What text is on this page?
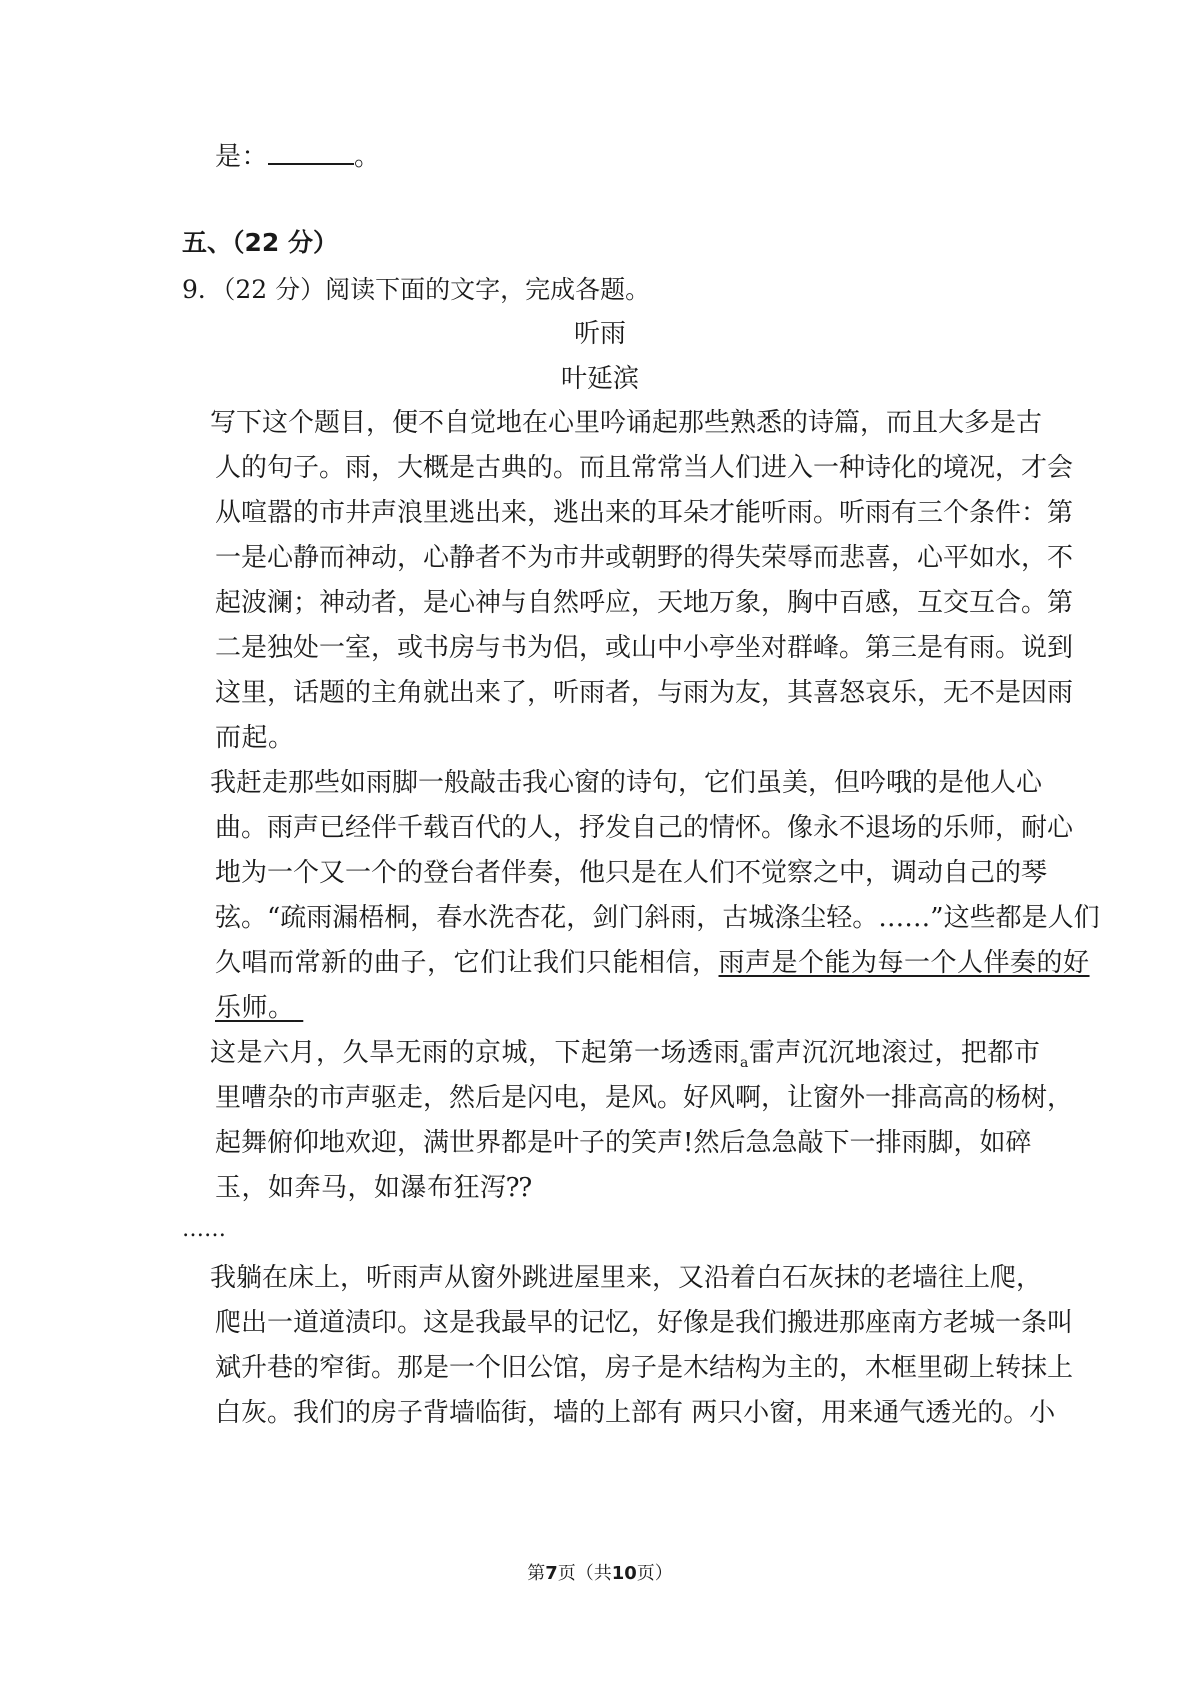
是：	。
五、（22 分）
9．（22 分）阅读下面的文字，完成各题。
听雨
叶延滨
写下这个题目，便不自觉地在心里吟诵起那些熟悉的诗篇，而且大多是古
人的句子。雨，大概是古典的。而且常常当人们进入一种诗化的境况，才会
从喧嚣的市井声浪里逃出来，逃出来的耳朵才能听雨。听雨有三个条件：第
一是心静而神动，心静者不为市井或朝野的得失荣辱而悲喜，心平如水，不
起波澜；神动者，是心神与自然呼应，天地万象，胸中百感，互交互合。第
二是独处一室，或书房与书为侣，或山中小亭坐对群峰。第三是有雨。说到
这里，话题的主角就出来了，听雨者，与雨为友，其喜怒哀乐，无不是因雨
而起。
我赶走那些如雨脚一般敲击我心窗的诗句，它们虽美，但吟哦的是他人心
曲。雨声已经伴千载百代的人，抒发自己的情怀。像永不退场的乐师，耐心
地为一个又一个的登台者伴奏，他只是在人们不觉察之中，调动自己的琴
弦。“疏雨漏梧桐，春水洗杏花，剑门斜雨，古城涤尘轻。……”这些都是人们
久唱而常新的曲子，它们让我们只能相信，雨声是个能为每一个人伴奏的好
乐师。
这是六月，久旱无雨的京城，下起第一场透雨$_a$雷声沉沉地滚过，把都市
里嘈杂的市声驱走，然后是闪电，是风。好风啊，让窗外一排高高的杨树，
起舞俯仰地欢迎，满世界都是叶子的笑声!然后急急敲下一排雨脚，如碎
玉，如奔马，如瀑布狂泻⁇
……
我躺在床上，听雨声从窗外跳进屋里来，又沿着白石灰抹的老墙往上爬，
爬出一道道渍印。这是我最早的记忆，好像是我们搬进那座南方老城一条叫
斌升巷的窄街。那是一个旧公馆，房子是木结构为主的，木框里砌上转抹上
白灰。我们的房子背墙临街，墙的上部有 两只小窗，用来通气透光的。小
第7页（共10页）
